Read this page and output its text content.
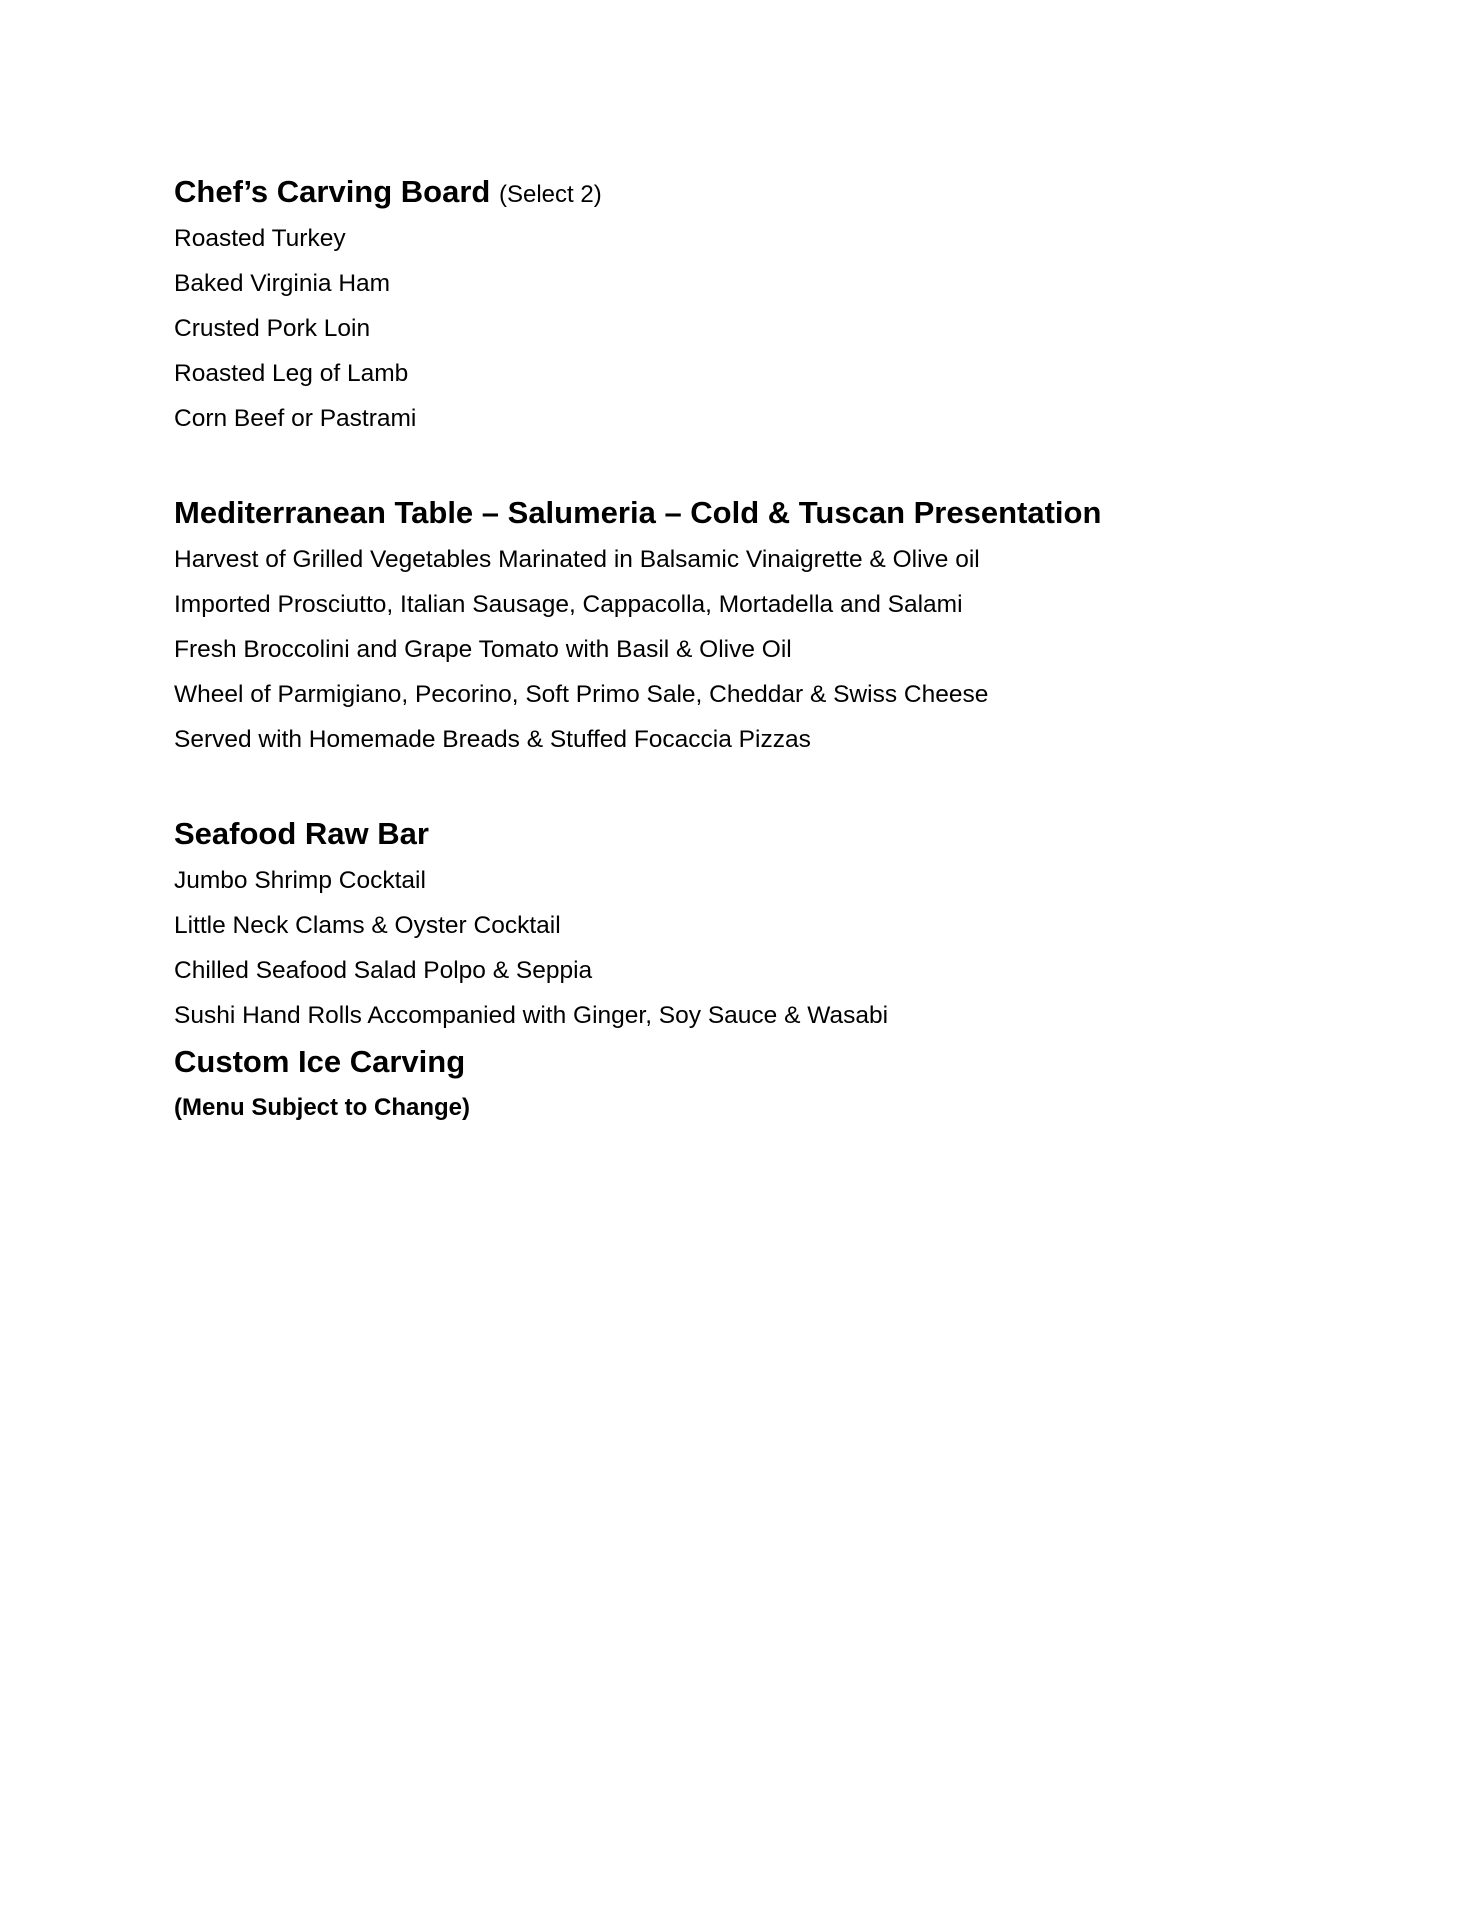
Chef’s Carving Board (Select 2)
Roasted Turkey
Baked Virginia Ham
Crusted Pork Loin
Roasted Leg of Lamb
Corn Beef or Pastrami
Mediterranean Table – Salumeria – Cold & Tuscan Presentation
Harvest of Grilled Vegetables Marinated in Balsamic Vinaigrette & Olive oil
Imported Prosciutto, Italian Sausage, Cappacolla, Mortadella and Salami
Fresh Broccolini and Grape Tomato with Basil & Olive Oil
Wheel of Parmigiano, Pecorino, Soft Primo Sale, Cheddar & Swiss Cheese
Served with Homemade Breads & Stuffed Focaccia Pizzas
Seafood Raw Bar
Jumbo Shrimp Cocktail
Little Neck Clams & Oyster Cocktail
Chilled Seafood Salad Polpo & Seppia
Sushi Hand Rolls Accompanied with Ginger, Soy Sauce & Wasabi
Custom Ice Carving
(Menu Subject to Change)
